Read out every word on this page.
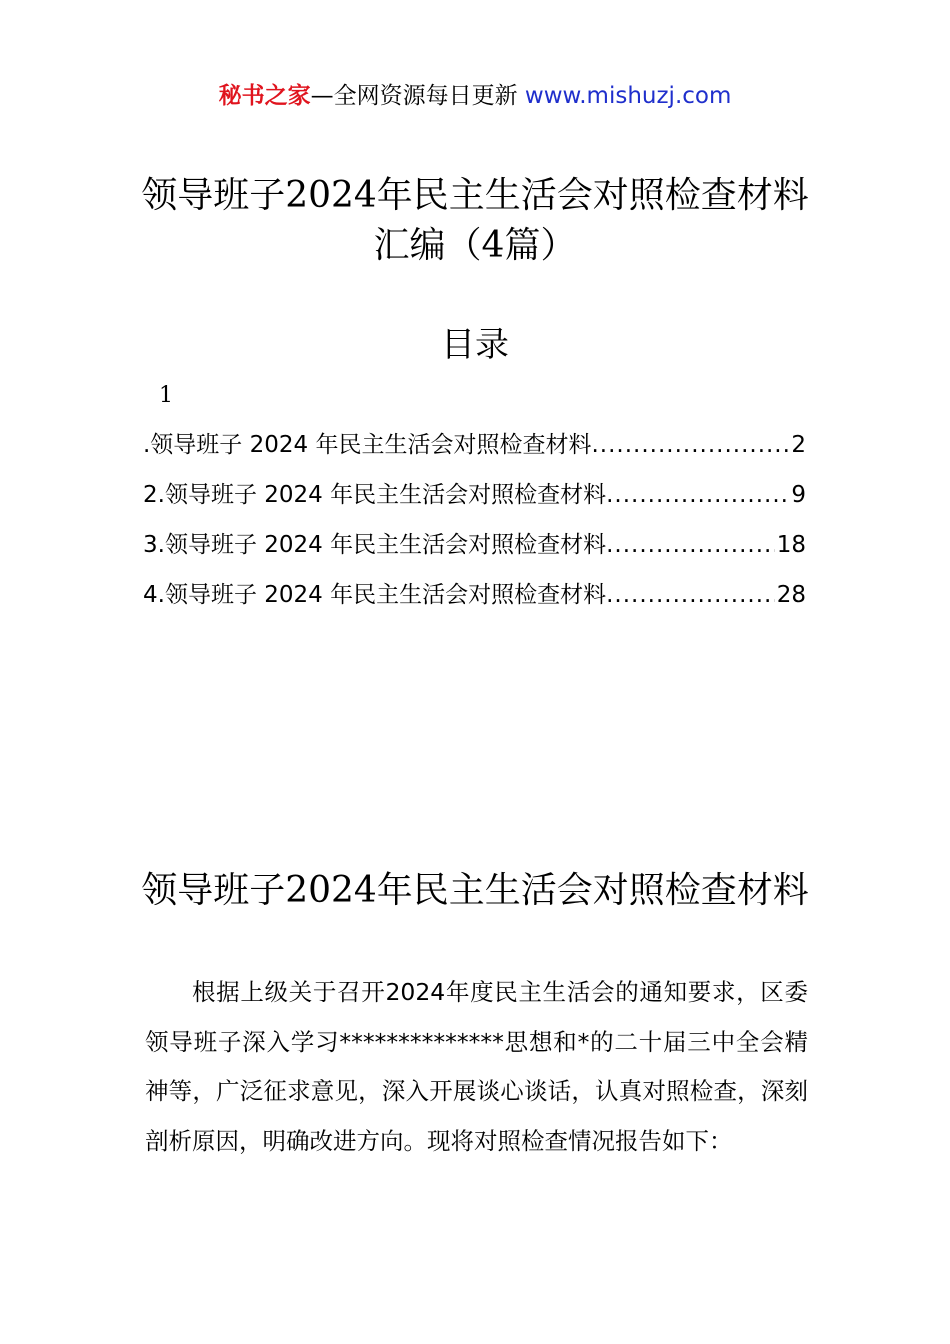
秘书之家—全网资源每日更新 www.mishuzj.com
领导班子2024年民主生活会对照检查材料
汇编（4篇）
目录
1
.领导班子 2024 年民主生活会对照检查材料 .....	2
2.领导班子 2024 年民主生活会对照检查材料 .....	9
3.领导班子 2024 年民主生活会对照检查材料 .....	18
4.领导班子 2024 年民主生活会对照检查材料 .....	28
领导班子2024年民主生活会对照检查材料

根据上级关于召开2024年度民主生活会的通知要求，区委领导班子深入学习**************思想和*的二十届三中全会精神等，广泛征求意见，深入开展谈心谈话，认真对照检查，深刻剖析原因，明确改进方向。现将对照检查情况报告如下：
